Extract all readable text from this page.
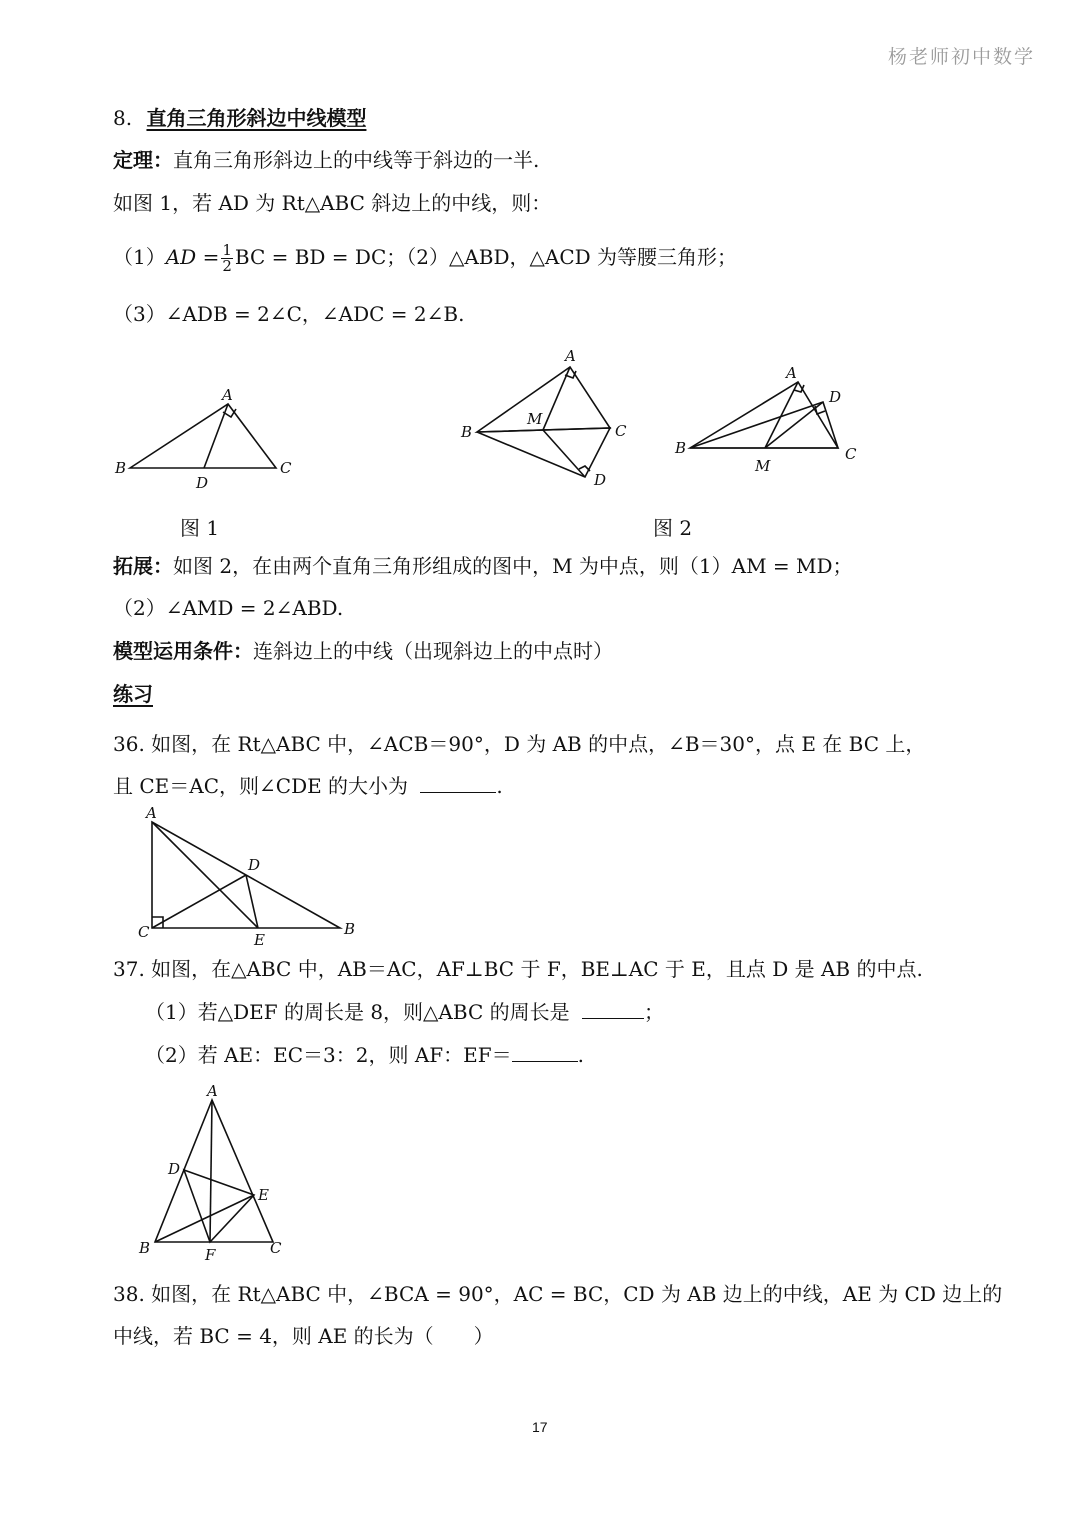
杨老师初中数学
8. 直角三角形斜边中线模型
定理：直角三角形斜边上的中线等于斜边的一半.
如图 1，若 AD 为 Rt△ABC 斜边上的中线，则：
$(1)AD = \frac{1}{2}$ BC = BD = DC；（2）△ABD，△ACD 为等腰三角形；
（3）∠ADB = 2∠C，∠ADC = 2∠B.
A
B	C
D
图 1
A
B	C
D
M
A
B	C
D
M
图 2
拓展：如图 2，在由两个直角三角形组成的图中，M 为中点，则（1）AM = MD；
（2）∠AMD = 2∠ABD.
模型运用条件：连斜边上的中线（出现斜边上的中点时）
练习
36. 如图，在 Rt△ABC 中，∠ACB＝90°，D 为 AB 的中点，∠B＝30°，点 E 在 BC 上，
且 CE＝AC，则∠CDE 的大小为	.
A
D
C	E
B
37. 如图，在△ABC 中，AB＝AC，AF⊥BC 于 F，BE⊥AC 于 E，且点 D 是 AB 的中点.
（1）若△DEF 的周长是 8，则△ABC 的周长是	；
（2）若 AE：EC＝3：2，则 AF：EF＝	.
A
D
E
B	F	C
38. 如图，在 Rt△ABC 中，∠BCA = 90°，AC = BC，CD 为 AB 边上的中线，AE 为 CD 边上的
中线，若 BC = 4，则 AE 的长为（　　）
17
